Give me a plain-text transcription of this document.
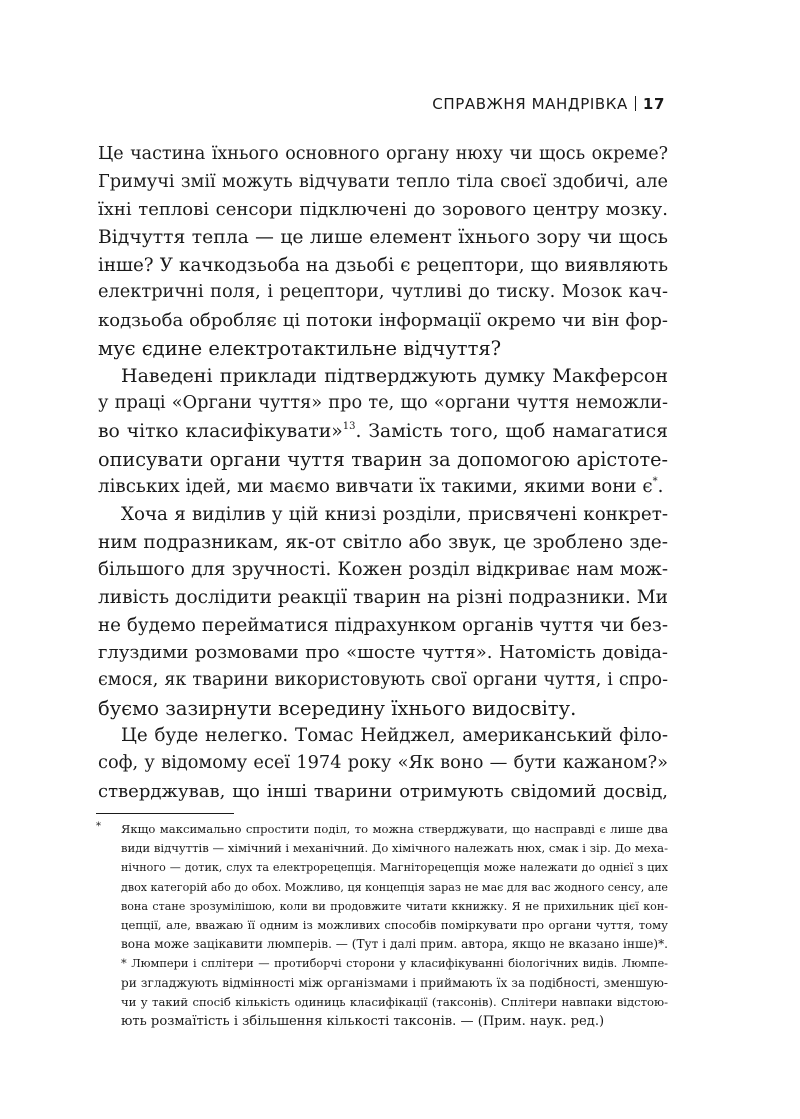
СПРАВЖНЯ МАНДРІВКА 17
Це частина їхнього основного органу нюху чи щось окреме?
Гримучі змії можуть відчувати тепло тіла своєї здобичі, але
їхні теплові сенсори підключені до зорового центру мозку.
Відчуття тепла — це лише елемент їхнього зору чи щось
інше? У качкодзьоба на дзьобі є рецептори, що виявляють
електричні поля, і рецептори, чутливі до тиску. Мозок кач-
кодзьоба обробляє ці потоки інформації окремо чи він фор-
мує єдине електротактильне відчуття?
Наведені приклади підтверджують думку Макферсон
у праці «Органи чуття» про те, що «органи чуття неможли-
во чітко класифікувати»$^{13}$. Замість того, щоб намагатися
описувати органи чуття тварин за допомогою арістоте-
лівських ідей, ми маємо вивчати їх такими, якими вони є*.
Хоча я виділив у цій книзі розділи, присвячені конкрет-
ним подразникам, як-от світло або звук, це зроблено зде-
більшого для зручності. Кожен розділ відкриває нам мож-
ливість дослідити реакції тварин на різні подразники. Ми
не будемо перейматися підрахунком органів чуття чи без-
глуздими розмовами про «шосте чуття». Натомість довіда-
ємося, як тварини використовують свої органи чуття, і спро-
буємо зазирнути всередину їхнього видосвіту.
Це буде нелегко. Томас Нейджел, американський філо-
соф, у відомому есеї 1974 року «Як воно — бути кажаном?»
стверджував, що інші тварини отримують свідомий досвід,
* Якщо максимально спростити поділ, то можна стверджувати, що насправді є лише два
види відчуттів — хімічний і механічний. До хімічного належать нюх, смак і зір. До меха-
нічного — дотик, слух та електрорецепція. Магніторецепція може належати до однієї з цих
двох категорій або до обох. Можливо, ця концепція зараз не має для вас жодного сенсу, але
вона стане зрозумілішою, коли ви продовжите читати ккнижку. Я не прихильник цієї кон-
цепції, але, вважаю її одним із можливих способів поміркувати про органи чуття, тому
вона може зацікавити люмперів. — (Тут і далі прим. автора, якщо не вказано інше)*.
* Люмпери і сплітери — протиборчі сторони у класифікуванні біологічних видів. Люмпе-
ри згладжують відмінності між організмами і приймають їх за подібності, зменшую-
чи у такий спосіб кількість одиниць класифікації (таксонів). Сплітери навпаки відстою-
ють розмаїтість і збільшення кількості таксонів. — (Прим. наук. ред.)
